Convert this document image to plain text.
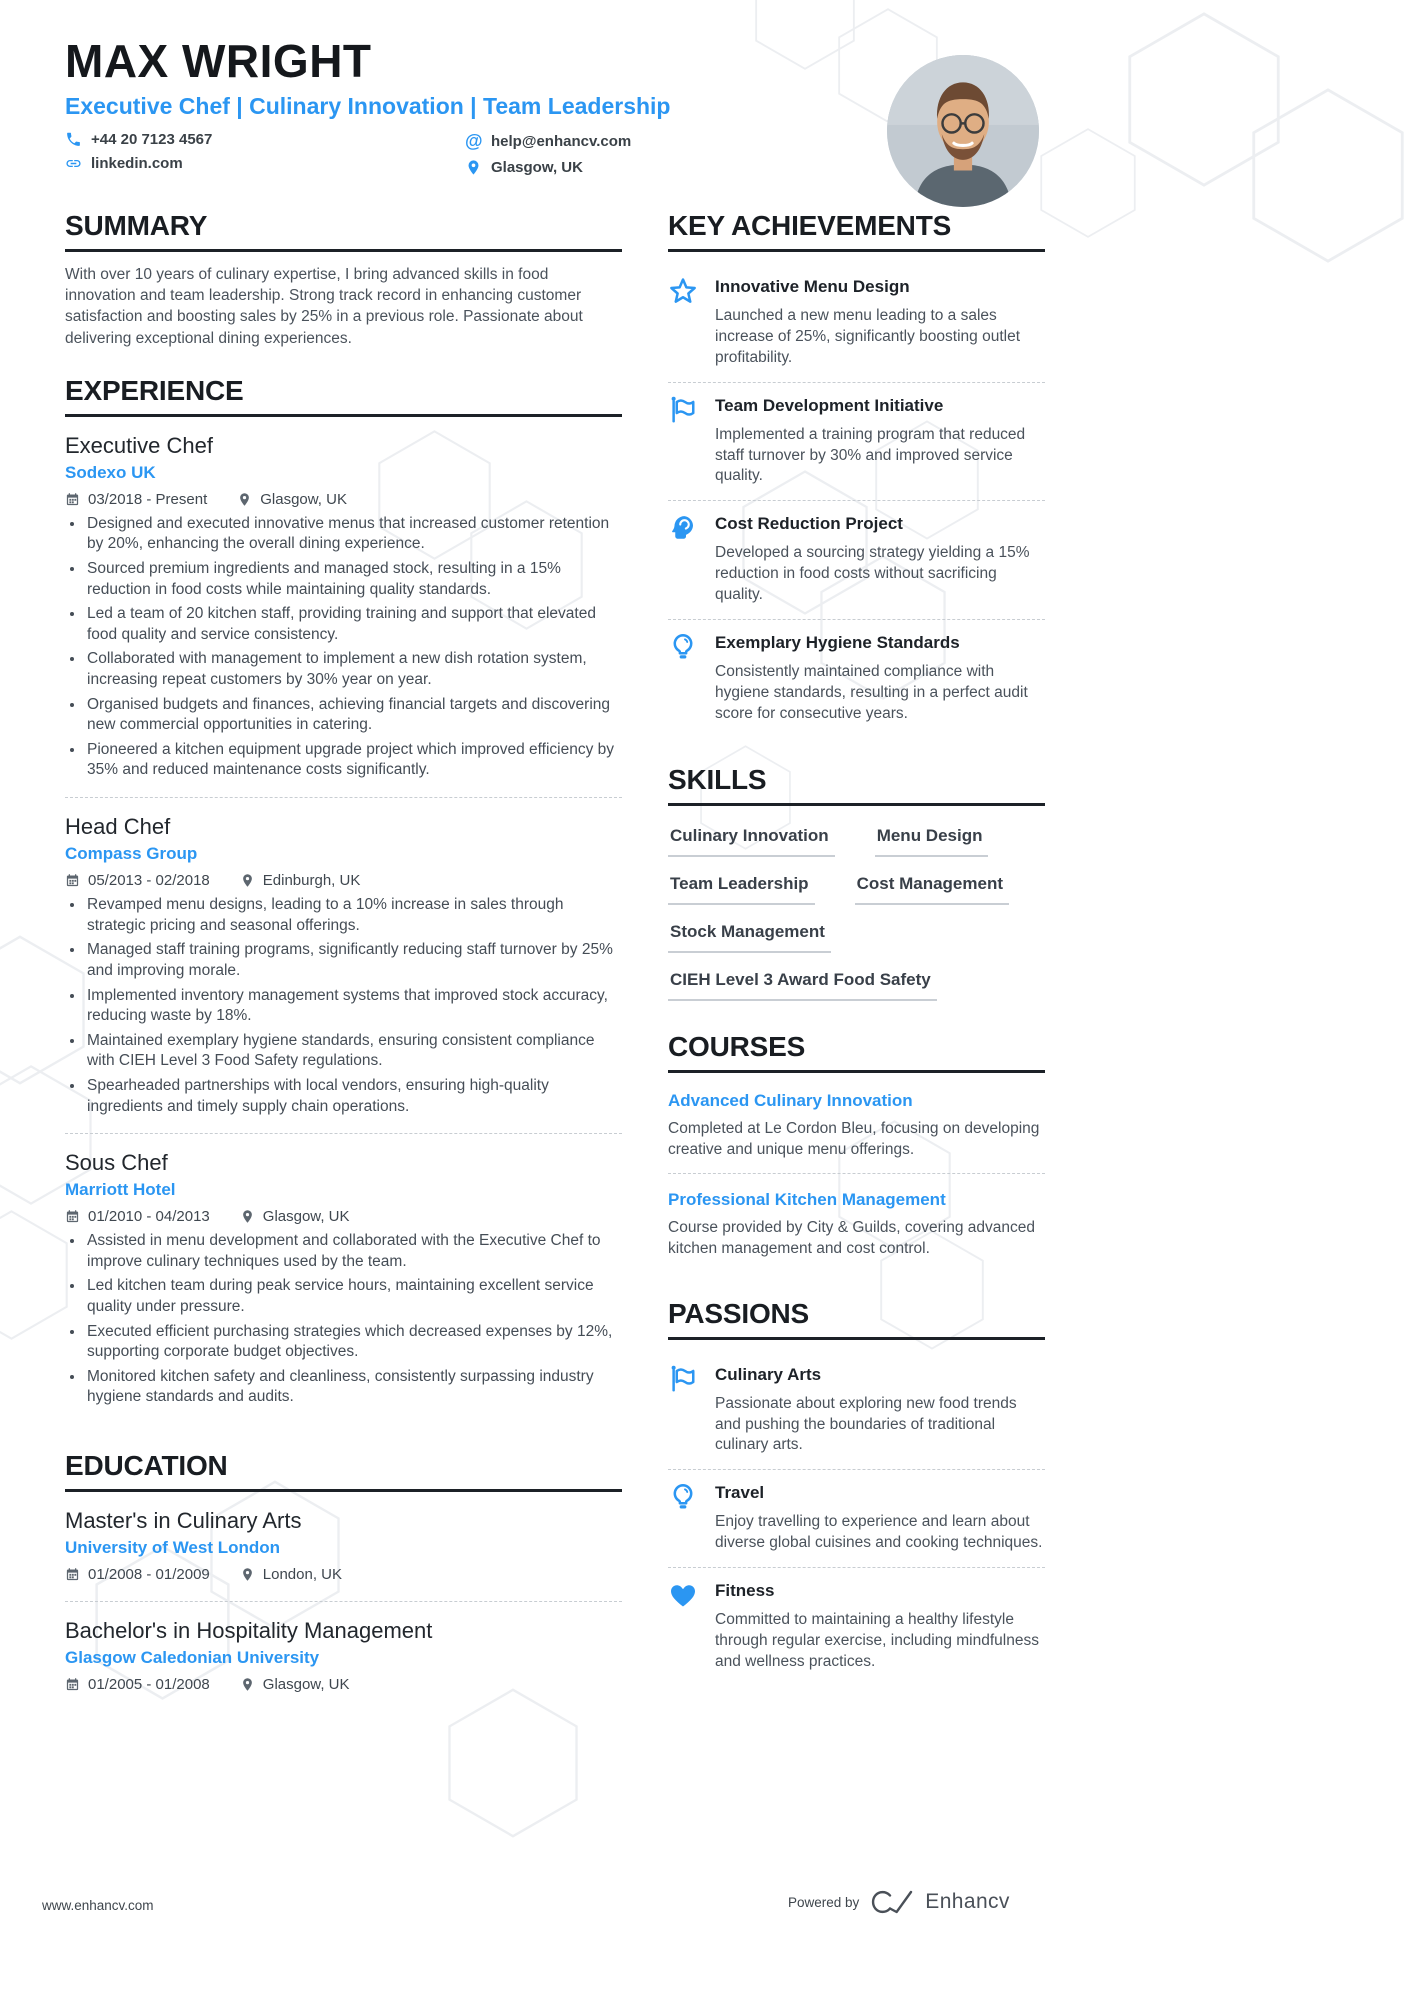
MAX WRIGHT
Executive Chef | Culinary Innovation | Team Leadership
+44 20 7123 4567
linkedin.com
@ help@enhancv.com
Glasgow, UK
SUMMARY

With over 10 years of culinary expertise, I bring advanced skills in food innovation and team leadership. Strong track record in enhancing customer satisfaction and boosting sales by 25% in a previous role. Passionate about delivering exceptional dining experiences.

EXPERIENCE
Executive Chef
Sodexo UK
03/2018 - Present	Glasgow, UK
• Designed and executed innovative menus that increased customer retention by 20%, enhancing the overall dining experience.
• Sourced premium ingredients and managed stock, resulting in a 15% reduction in food costs while maintaining quality standards.
• Led a team of 20 kitchen staff, providing training and support that elevated food quality and service consistency.
• Collaborated with management to implement a new dish rotation system, increasing repeat customers by 30% year on year.
• Organised budgets and finances, achieving financial targets and discovering new commercial opportunities in catering.
• Pioneered a kitchen equipment upgrade project which improved efficiency by 35% and reduced maintenance costs significantly.
Head Chef
Compass Group
05/2013 - 02/2018	Edinburgh, UK
• Revamped menu designs, leading to a 10% increase in sales through strategic pricing and seasonal offerings.
• Managed staff training programs, significantly reducing staff turnover by 25% and improving morale.
• Implemented inventory management systems that improved stock accuracy, reducing waste by 18%.
• Maintained exemplary hygiene standards, ensuring consistent compliance with CIEH Level 3 Food Safety regulations.
• Spearheaded partnerships with local vendors, ensuring high-quality ingredients and timely supply chain operations.
Sous Chef
Marriott Hotel
01/2010 - 04/2013	Glasgow, UK
• Assisted in menu development and collaborated with the Executive Chef to improve culinary techniques used by the team.
• Led kitchen team during peak service hours, maintaining excellent service quality under pressure.
• Executed efficient purchasing strategies which decreased expenses by 12%, supporting corporate budget objectives.
• Monitored kitchen safety and cleanliness, consistently surpassing industry hygiene standards and audits.
EDUCATION
Master's in Culinary Arts
University of West London
01/2008 - 01/2009	London, UK
Bachelor's in Hospitality Management
Glasgow Caledonian University
01/2005 - 01/2008	Glasgow, UK
KEY ACHIEVEMENTS
Innovative Menu Design

Launched a new menu leading to a sales increase of 25%, significantly boosting outlet profitability.

Team Development Initiative

Implemented a training program that reduced staff turnover by 30% and improved service quality.

Cost Reduction Project

Developed a sourcing strategy yielding a 15% reduction in food costs without sacrificing quality.

Exemplary Hygiene Standards

Consistently maintained compliance with hygiene standards, resulting in a perfect audit score for consecutive years.

SKILLS
Culinary Innovation	Menu Design
Team Leadership	Cost Management
Stock Management
CIEH Level 3 Award Food Safety
COURSES
Advanced Culinary Innovation

Completed at Le Cordon Bleu, focusing on developing creative and unique menu offerings.

Professional Kitchen Management

Course provided by City & Guilds, covering advanced kitchen management and cost control.

PASSIONS
Culinary Arts

Passionate about exploring new food trends and pushing the boundaries of traditional culinary arts.

Travel

Enjoy travelling to experience and learn about diverse global cuisines and cooking techniques.

Fitness

Committed to maintaining a healthy lifestyle through regular exercise, including mindfulness and wellness practices.

www.enhancv.com	Powered by	Enhancv
